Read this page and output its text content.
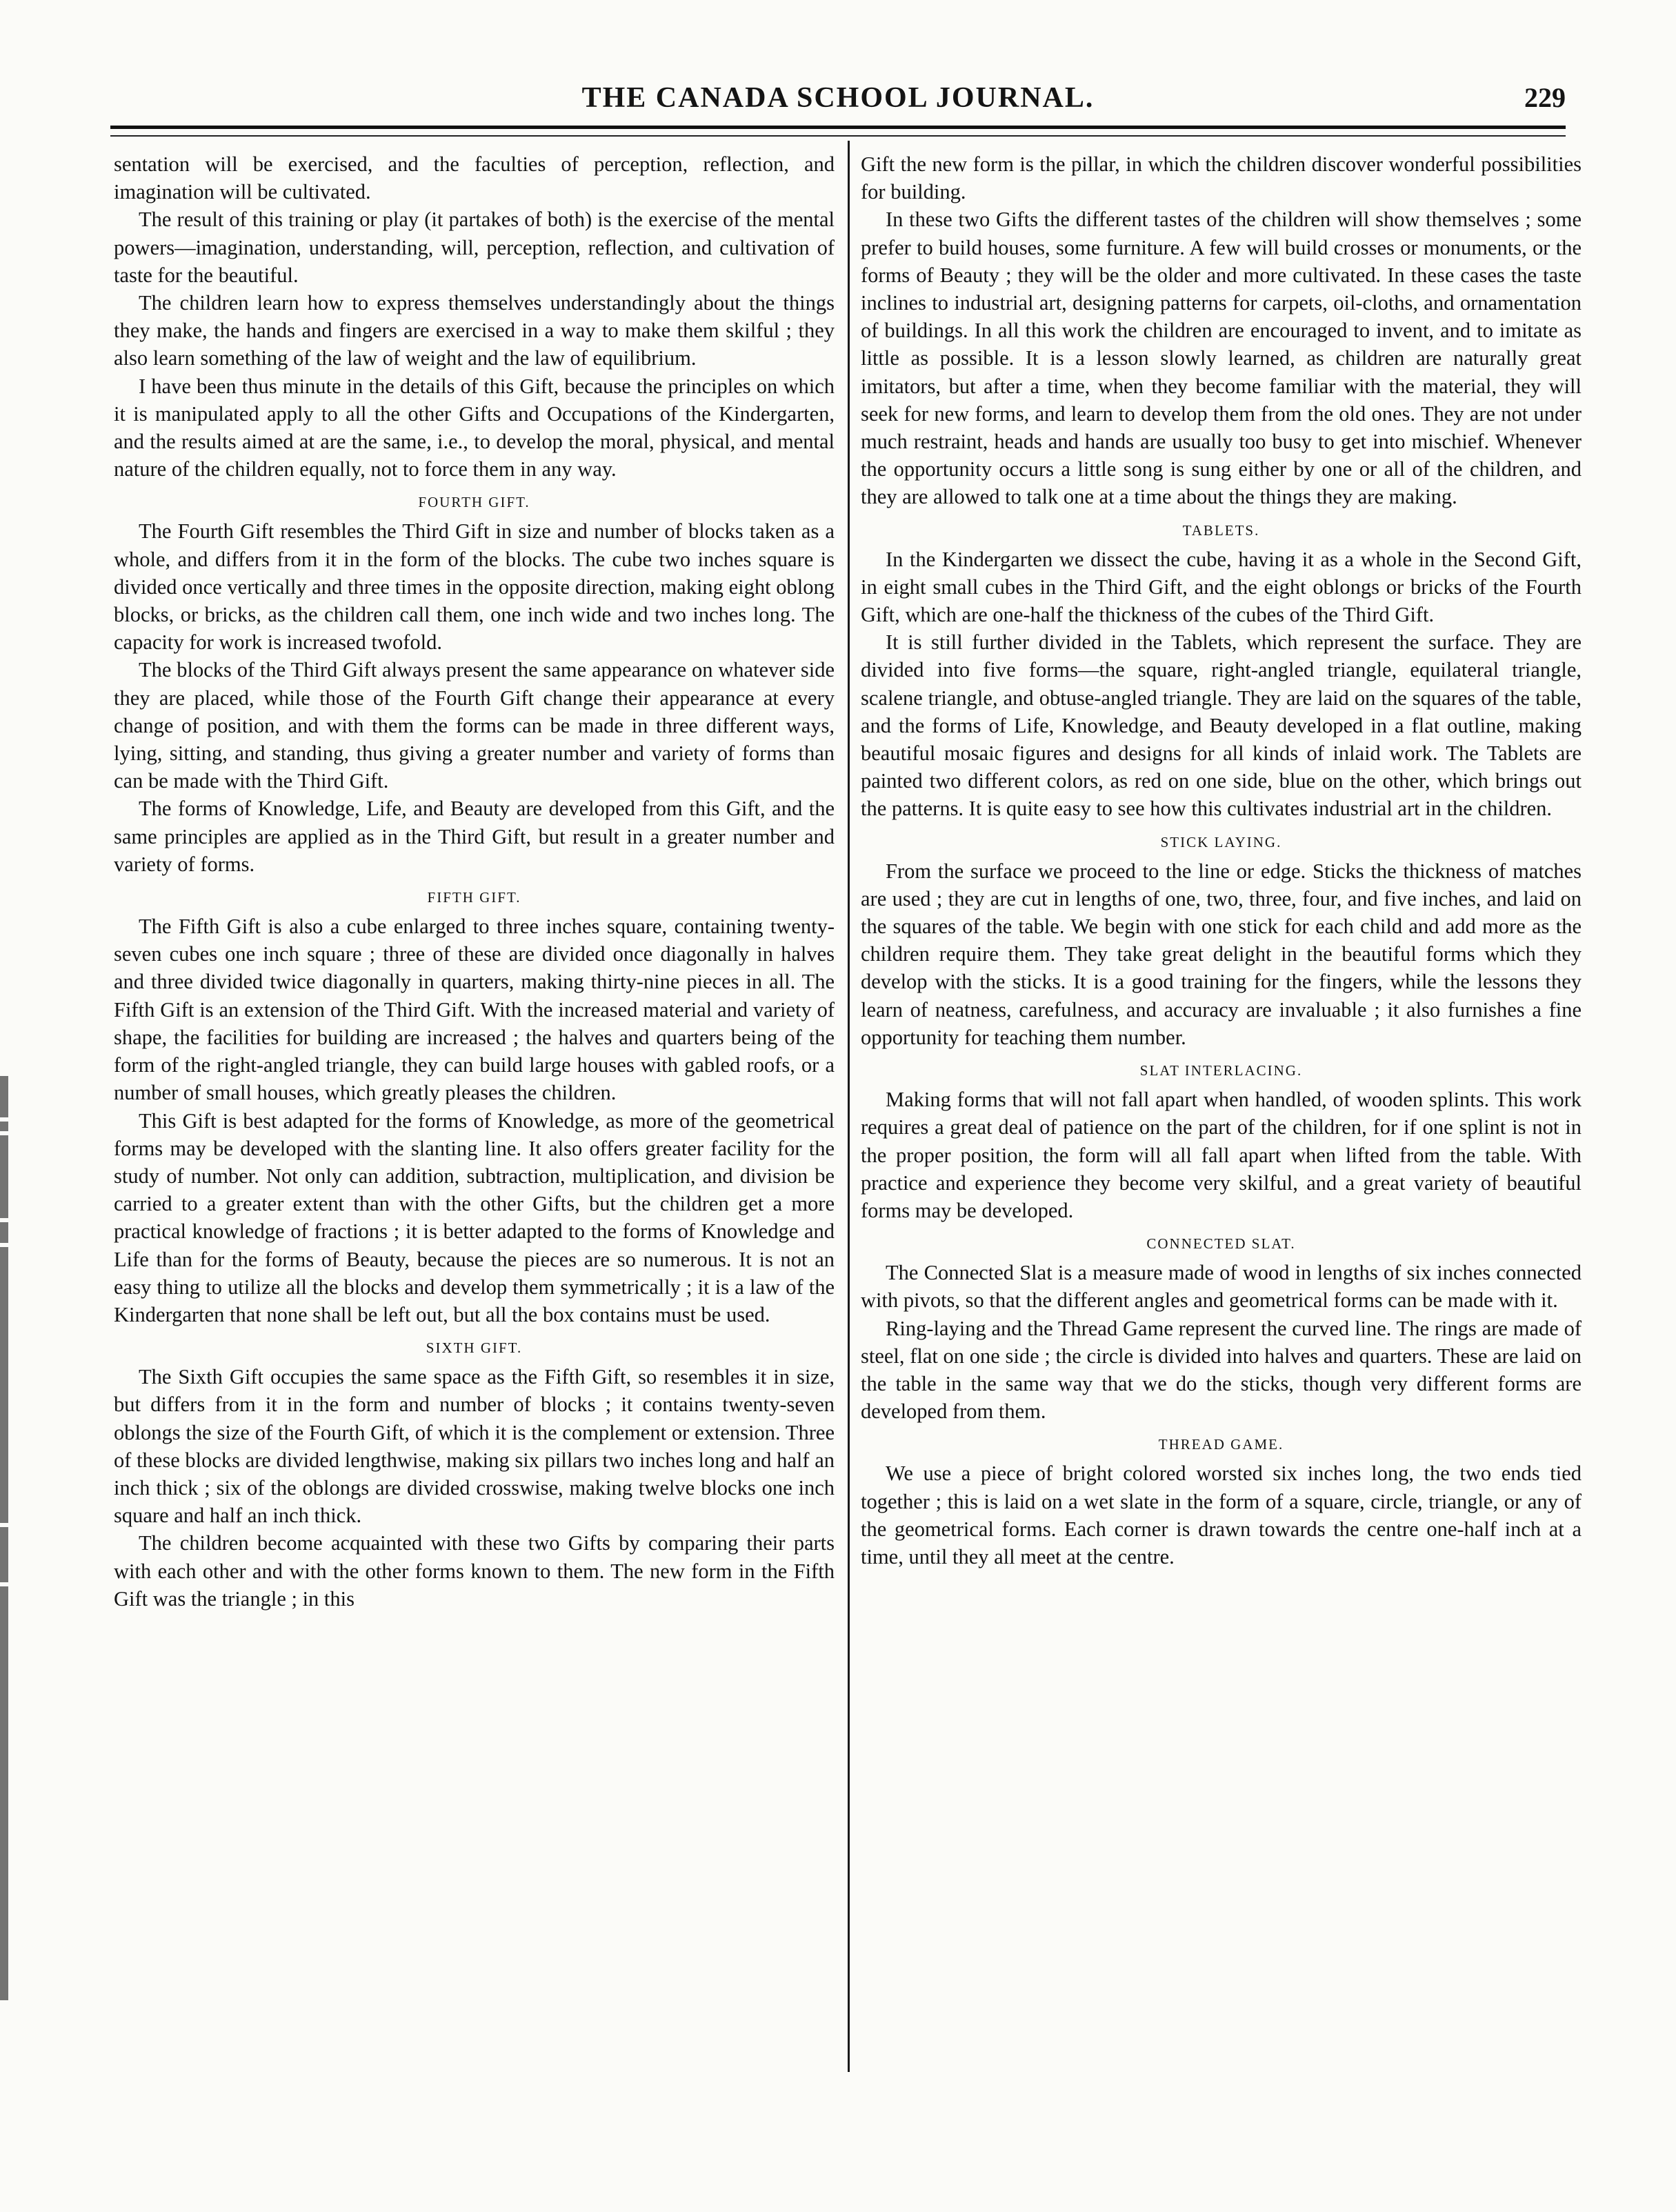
THE CANADA SCHOOL JOURNAL.	229

sentation will be exercised, and the faculties of perception, reflection, and imagination will be cultivated.

The result of this training or play (it partakes of both) is the exercise of the mental powers—imagination, understanding, will, perception, reflection, and cultivation of taste for the beautiful.

The children learn how to express themselves understandingly about the things they make, the hands and fingers are exercised in a way to make them skilful ; they also learn something of the law of weight and the law of equilibrium.

I have been thus minute in the details of this Gift, because the principles on which it is manipulated apply to all the other Gifts and Occupations of the Kindergarten, and the results aimed at are the same, i.e., to develop the moral, physical, and mental nature of the children equally, not to force them in any way.

FOURTH GIFT.

The Fourth Gift resembles the Third Gift in size and number of blocks taken as a whole, and differs from it in the form of the blocks. The cube two inches square is divided once vertically and three times in the opposite direction, making eight oblong blocks, or bricks, as the children call them, one inch wide and two inches long. The capacity for work is increased twofold.

The blocks of the Third Gift always present the same appearance on whatever side they are placed, while those of the Fourth Gift change their appearance at every change of position, and with them the forms can be made in three different ways, lying, sitting, and standing, thus giving a greater number and variety of forms than can be made with the Third Gift.

The forms of Knowledge, Life, and Beauty are developed from this Gift, and the same principles are applied as in the Third Gift, but result in a greater number and variety of forms.

FIFTH GIFT.

The Fifth Gift is also a cube enlarged to three inches square, containing twenty-seven cubes one inch square ; three of these are divided once diagonally in halves and three divided twice diagonally in quarters, making thirty-nine pieces in all. The Fifth Gift is an extension of the Third Gift. With the increased material and variety of shape, the facilities for building are increased ; the halves and quarters being of the form of the right-angled triangle, they can build large houses with gabled roofs, or a number of small houses, which greatly pleases the children.

This Gift is best adapted for the forms of Knowledge, as more of the geometrical forms may be developed with the slanting line. It also offers greater facility for the study of number. Not only can addition, subtraction, multiplication, and division be carried to a greater extent than with the other Gifts, but the children get a more practical knowledge of fractions ; it is better adapted to the forms of Knowledge and Life than for the forms of Beauty, because the pieces are so numerous. It is not an easy thing to utilize all the blocks and develop them symmetrically ; it is a law of the Kindergarten that none shall be left out, but all the box contains must be used.

SIXTH GIFT.

The Sixth Gift occupies the same space as the Fifth Gift, so resembles it in size, but differs from it in the form and number of blocks ; it contains twenty-seven oblongs the size of the Fourth Gift, of which it is the complement or extension. Three of these blocks are divided lengthwise, making six pillars two inches long and half an inch thick ; six of the oblongs are divided crosswise, making twelve blocks one inch square and half an inch thick.

The children become acquainted with these two Gifts by comparing their parts with each other and with the other forms known to them. The new form in the Fifth Gift was the triangle ; in this

Gift the new form is the pillar, in which the children discover wonderful possibilities for building.

In these two Gifts the different tastes of the children will show themselves ; some prefer to build houses, some furniture. A few will build crosses or monuments, or the forms of Beauty ; they will be the older and more cultivated. In these cases the taste inclines to industrial art, designing patterns for carpets, oil-cloths, and ornamentation of buildings. In all this work the children are encouraged to invent, and to imitate as little as possible. It is a lesson slowly learned, as children are naturally great imitators, but after a time, when they become familiar with the material, they will seek for new forms, and learn to develop them from the old ones. They are not under much restraint, heads and hands are usually too busy to get into mischief. Whenever the opportunity occurs a little song is sung either by one or all of the children, and they are allowed to talk one at a time about the things they are making.

TABLETS.

In the Kindergarten we dissect the cube, having it as a whole in the Second Gift, in eight small cubes in the Third Gift, and the eight oblongs or bricks of the Fourth Gift, which are one-half the thickness of the cubes of the Third Gift.

It is still further divided in the Tablets, which represent the surface. They are divided into five forms—the square, right-angled triangle, equilateral triangle, scalene triangle, and obtuse-angled triangle. They are laid on the squares of the table, and the forms of Life, Knowledge, and Beauty developed in a flat outline, making beautiful mosaic figures and designs for all kinds of inlaid work. The Tablets are painted two different colors, as red on one side, blue on the other, which brings out the patterns. It is quite easy to see how this cultivates industrial art in the children.

STICK LAYING.

From the surface we proceed to the line or edge. Sticks the thickness of matches are used ; they are cut in lengths of one, two, three, four, and five inches, and laid on the squares of the table. We begin with one stick for each child and add more as the children require them. They take great delight in the beautiful forms which they develop with the sticks. It is a good training for the fingers, while the lessons they learn of neatness, carefulness, and accuracy are invaluable ; it also furnishes a fine opportunity for teaching them number.

SLAT INTERLACING.

Making forms that will not fall apart when handled, of wooden splints. This work requires a great deal of patience on the part of the children, for if one splint is not in the proper position, the form will all fall apart when lifted from the table. With practice and experience they become very skilful, and a great variety of beautiful forms may be developed.

CONNECTED SLAT.

The Connected Slat is a measure made of wood in lengths of six inches connected with pivots, so that the different angles and geometrical forms can be made with it.

Ring-laying and the Thread Game represent the curved line. The rings are made of steel, flat on one side ; the circle is divided into halves and quarters. These are laid on the table in the same way that we do the sticks, though very different forms are developed from them.

THREAD GAME.

We use a piece of bright colored worsted six inches long, the two ends tied together ; this is laid on a wet slate in the form of a square, circle, triangle, or any of the geometrical forms. Each corner is drawn towards the centre one-half inch at a time, until they all meet at the centre.
